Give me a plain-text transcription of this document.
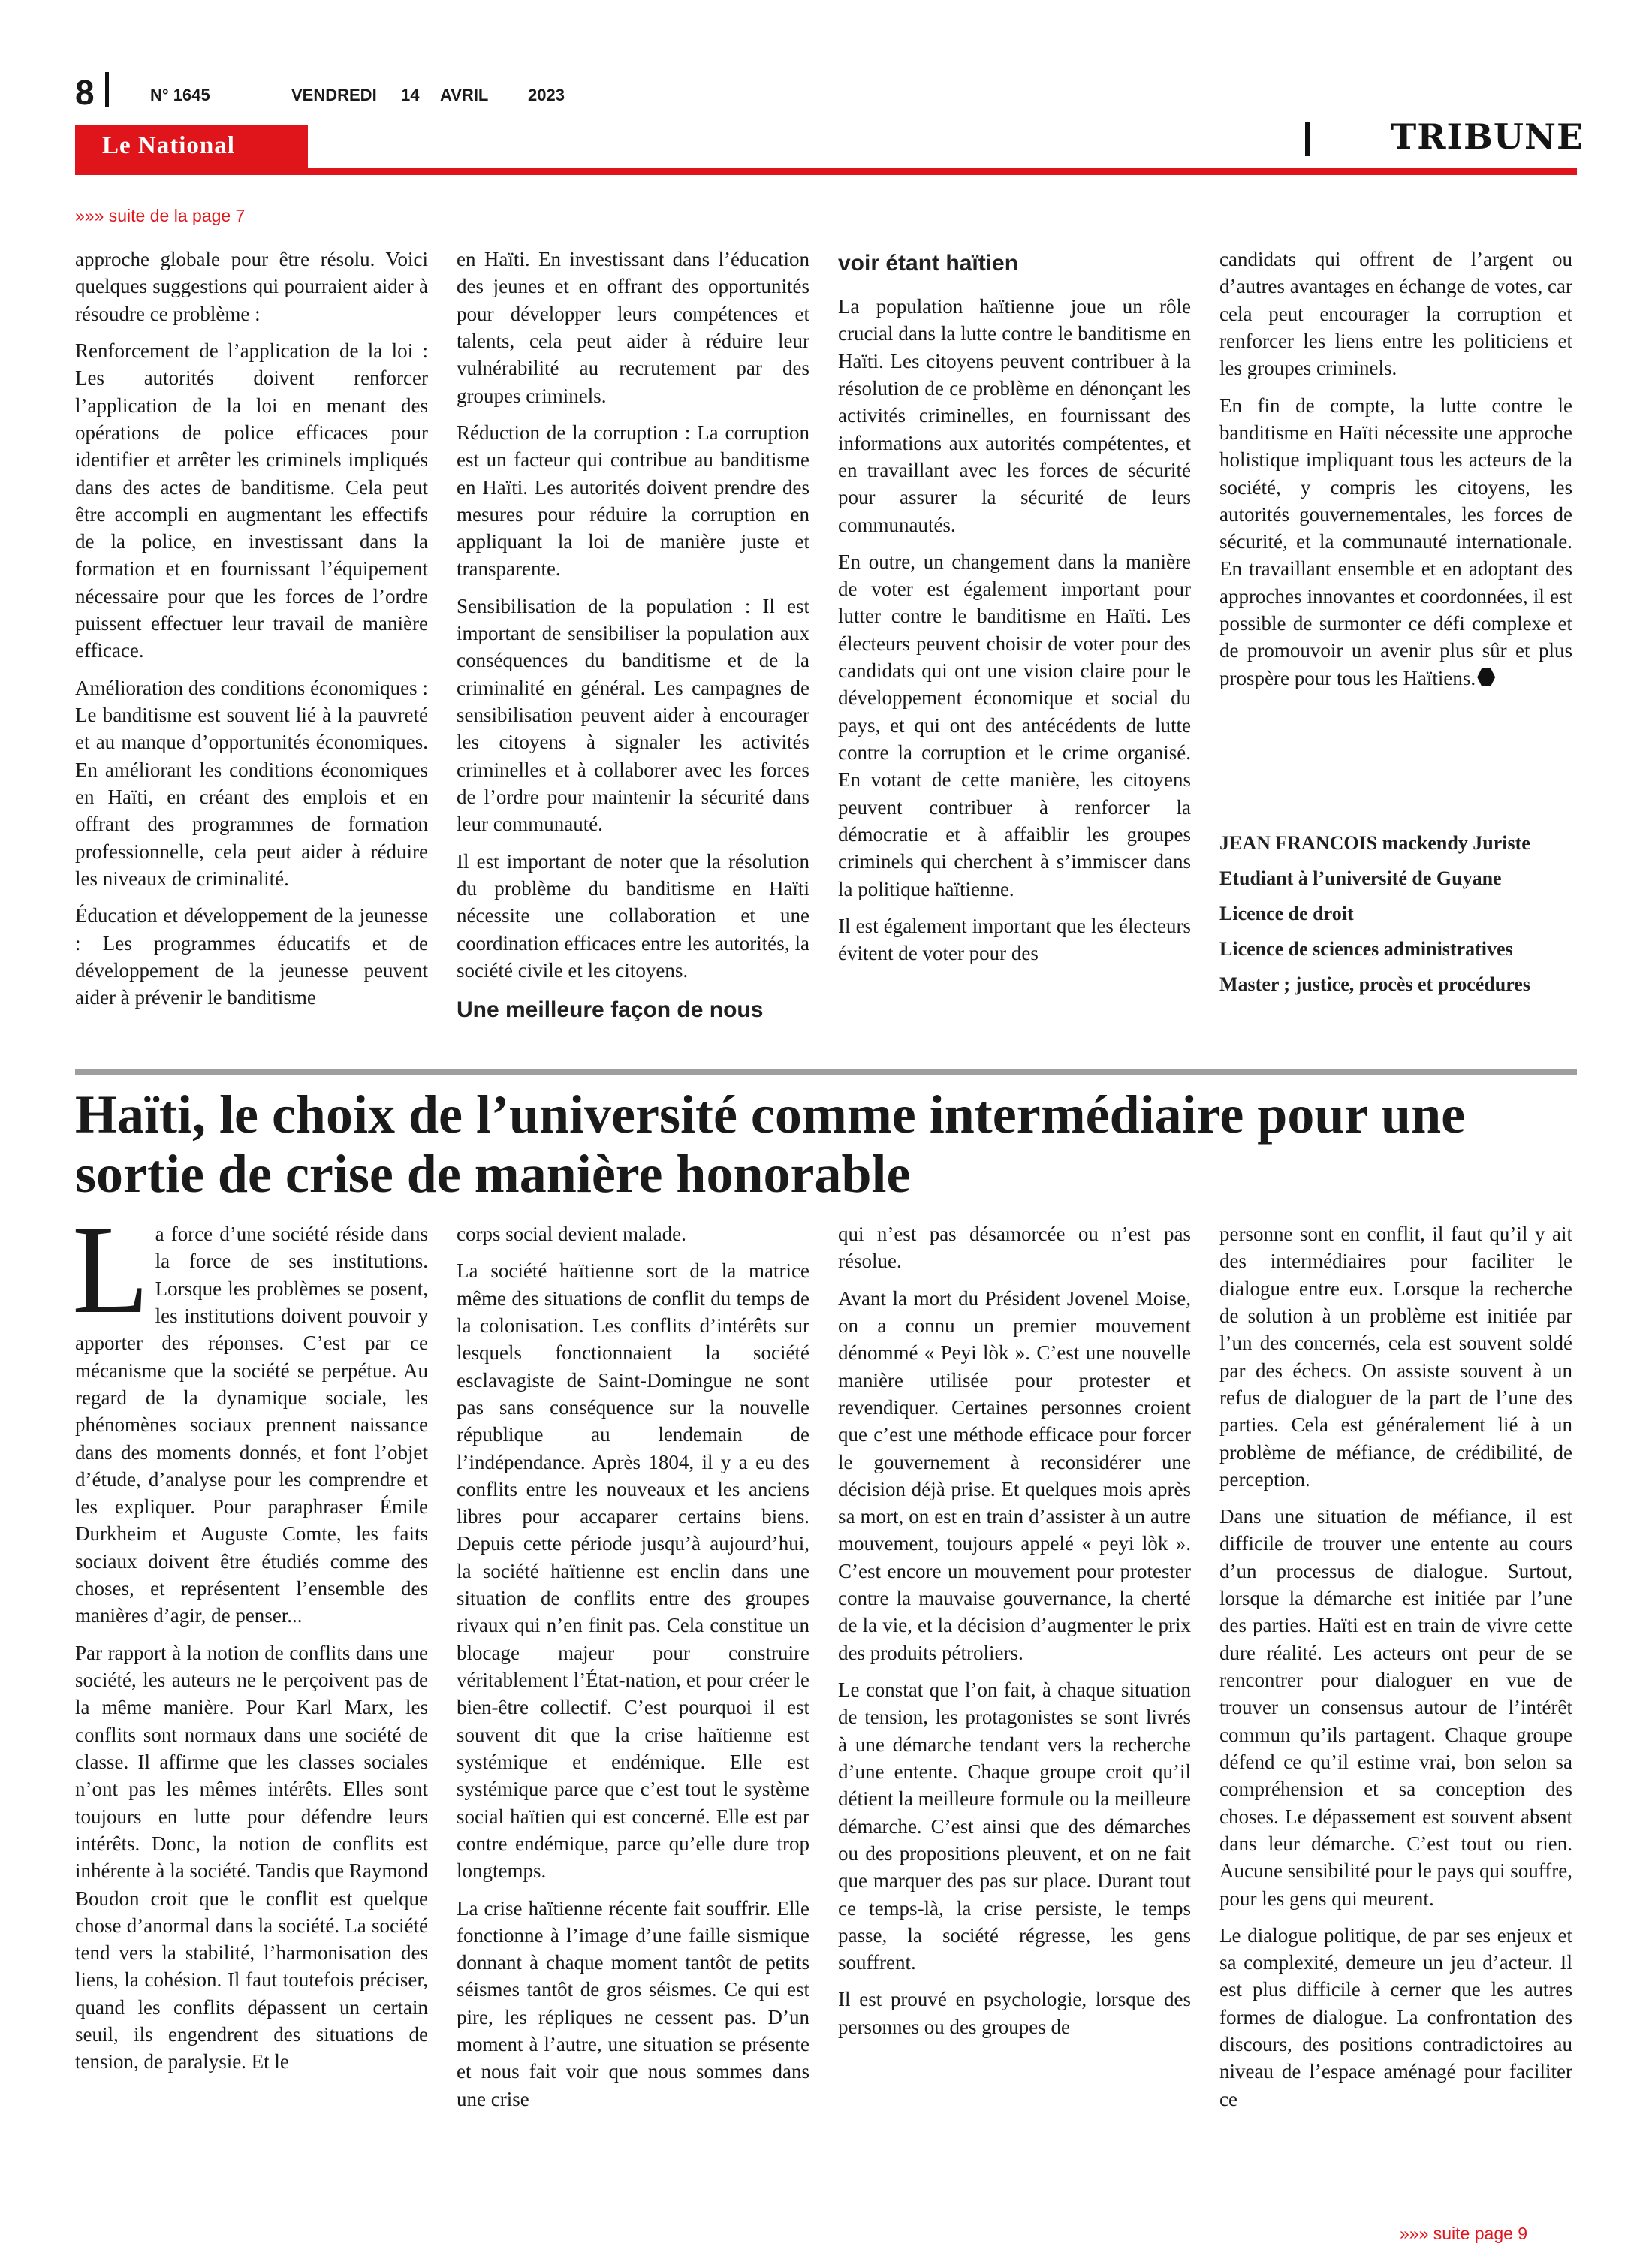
8	N° 1645	VENDREDI 14 AVRIL 2023
Le National	TRIBUNE
»»» suite de la page 7

approche globale pour être résolu. Voici quelques suggestions qui pourraient aider à résoudre ce problème :

Renforcement de l’application de la loi : Les autorités doivent renforcer l’application de la loi en menant des opérations de police efficaces pour identifier et arrêter les criminels impliqués dans des actes de banditisme. Cela peut être accompli en augmentant les effectifs de la police, en investissant dans la formation et en fournissant l’équipement nécessaire pour que les forces de l’ordre puissent effectuer leur travail de manière efficace.

Amélioration des conditions économiques : Le banditisme est souvent lié à la pauvreté et au manque d’opportunités économiques. En améliorant les conditions économiques en Haïti, en créant des emplois et en offrant des programmes de formation professionnelle, cela peut aider à réduire les niveaux de criminalité.

Éducation et développement de la jeunesse : Les programmes éducatifs et de développement de la jeunesse peuvent aider à prévenir le banditisme

en Haïti. En investissant dans l’éducation des jeunes et en offrant des opportunités pour développer leurs compétences et talents, cela peut aider à réduire leur vulnérabilité au recrutement par des groupes criminels.

Réduction de la corruption : La corruption est un facteur qui contribue au banditisme en Haïti. Les autorités doivent prendre des mesures pour réduire la corruption en appliquant la loi de manière juste et transparente.

Sensibilisation de la population : Il est important de sensibiliser la population aux conséquences du banditisme et de la criminalité en général. Les campagnes de sensibilisation peuvent aider à encourager les citoyens à signaler les activités criminelles et à collaborer avec les forces de l’ordre pour maintenir la sécurité dans leur communauté.

Il est important de noter que la résolution du problème du banditisme en Haïti nécessite une collaboration et une coordination efficaces entre les autorités, la société civile et les citoyens.

Une meilleure façon de nous
voir étant haïtien

La population haïtienne joue un rôle crucial dans la lutte contre le banditisme en Haïti. Les citoyens peuvent contribuer à la résolution de ce problème en dénonçant les activités criminelles, en fournissant des informations aux autorités compétentes, et en travaillant avec les forces de sécurité pour assurer la sécurité de leurs communautés.

En outre, un changement dans la manière de voter est également important pour lutter contre le banditisme en Haïti. Les électeurs peuvent choisir de voter pour des candidats qui ont une vision claire pour le développement économique et social du pays, et qui ont des antécédents de lutte contre la corruption et le crime organisé. En votant de cette manière, les citoyens peuvent contribuer à renforcer la démocratie et à affaiblir les groupes criminels qui cherchent à s’immiscer dans la politique haïtienne.

Il est également important que les électeurs évitent de voter pour des

candidats qui offrent de l’argent ou d’autres avantages en échange de votes, car cela peut encourager la corruption et renforcer les liens entre les politiciens et les groupes criminels.

En fin de compte, la lutte contre le banditisme en Haïti nécessite une approche holistique impliquant tous les acteurs de la société, y compris les citoyens, les autorités gouvernementales, les forces de sécurité, et la communauté internationale. En travaillant ensemble et en adoptant des approches innovantes et coordonnées, il est possible de surmonter ce défi complexe et de promouvoir un avenir plus sûr et plus prospère pour tous les Haïtiens.

JEAN FRANCOIS mackendy Juriste
Etudiant à l’université de Guyane
Licence de droit
Licence de sciences administratives
Master ; justice, procès et procédures
Haïti, le choix de l’université comme intermédiaire pour une sortie de crise de manière honorable

La force d’une société réside dans la force de ses institutions. Lorsque les problèmes se posent, les institutions doivent pouvoir y apporter des réponses. C’est par ce mécanisme que la société se perpétue. Au regard de la dynamique sociale, les phénomènes sociaux prennent naissance dans des moments donnés, et font l’objet d’étude, d’analyse pour les comprendre et les expliquer. Pour paraphraser Émile Durkheim et Auguste Comte, les faits sociaux doivent être étudiés comme des choses, et représentent l’ensemble des manières d’agir, de penser...

Par rapport à la notion de conflits dans une société, les auteurs ne le perçoivent pas de la même manière. Pour Karl Marx, les conflits sont normaux dans une société de classe. Il affirme que les classes sociales n’ont pas les mêmes intérêts. Elles sont toujours en lutte pour défendre leurs intérêts. Donc, la notion de conflits est inhérente à la société. Tandis que Raymond Boudon croit que le conflit est quelque chose d’anormal dans la société. La société tend vers la stabilité, l’harmonisation des liens, la cohésion. Il faut toutefois préciser, quand les conflits dépassent un certain seuil, ils engendrent des situations de tension, de paralysie. Et le

corps social devient malade.

La société haïtienne sort de la matrice même des situations de conflit du temps de la colonisation. Les conflits d’intérêts sur lesquels fonctionnaient la société esclavagiste de Saint-Domingue ne sont pas sans conséquence sur la nouvelle république au lendemain de l’indépendance. Après 1804, il y a eu des conflits entre les nouveaux et les anciens libres pour accaparer certains biens. Depuis cette période jusqu’à aujourd’hui, la société haïtienne est enclin dans une situation de conflits entre des groupes rivaux qui n’en finit pas. Cela constitue un blocage majeur pour construire véritablement l’État-nation, et pour créer le bien-être collectif. C’est pourquoi il est souvent dit que la crise haïtienne est systémique et endémique. Elle est systémique parce que c’est tout le système social haïtien qui est concerné. Elle est par contre endémique, parce qu’elle dure trop longtemps.

La crise haïtienne récente fait souffrir. Elle fonctionne à l’image d’une faille sismique donnant à chaque moment tantôt de petits séismes tantôt de gros séismes. Ce qui est pire, les répliques ne cessent pas. D’un moment à l’autre, une situation se présente et nous fait voir que nous sommes dans une crise

qui n’est pas désamorcée ou n’est pas résolue.

Avant la mort du Président Jovenel Moise, on a connu un premier mouvement dénommé « Peyi lòk ». C’est une nouvelle manière utilisée pour protester et revendiquer. Certaines personnes croient que c’est une méthode efficace pour forcer le gouvernement à reconsidérer une décision déjà prise. Et quelques mois après sa mort, on est en train d’assister à un autre mouvement, toujours appelé « peyi lòk ». C’est encore un mouvement pour protester contre la mauvaise gouvernance, la cherté de la vie, et la décision d’augmenter le prix des produits pétroliers.

Le constat que l’on fait, à chaque situation de tension, les protagonistes se sont livrés à une démarche tendant vers la recherche d’une entente. Chaque groupe croit qu’il détient la meilleure formule ou la meilleure démarche. C’est ainsi que des démarches ou des propositions pleuvent, et on ne fait que marquer des pas sur place. Durant tout ce temps-là, la crise persiste, le temps passe, la société régresse, les gens souffrent.

Il est prouvé en psychologie, lorsque des personnes ou des groupes de

personne sont en conflit, il faut qu’il y ait des intermédiaires pour faciliter le dialogue entre eux. Lorsque la recherche de solution à un problème est initiée par l’un des concernés, cela est souvent soldé par des échecs. On assiste souvent à un refus de dialoguer de la part de l’une des parties. Cela est généralement lié à un problème de méfiance, de crédibilité, de perception.

Dans une situation de méfiance, il est difficile de trouver une entente au cours d’un processus de dialogue. Surtout, lorsque la démarche est initiée par l’une des parties. Haïti est en train de vivre cette dure réalité. Les acteurs ont peur de se rencontrer pour dialoguer en vue de trouver un consensus autour de l’intérêt commun qu’ils partagent. Chaque groupe défend ce qu’il estime vrai, bon selon sa compréhension et sa conception des choses. Le dépassement est souvent absent dans leur démarche. C’est tout ou rien. Aucune sensibilité pour le pays qui souffre, pour les gens qui meurent.

Le dialogue politique, de par ses enjeux et sa complexité, demeure un jeu d’acteur. Il est plus difficile à cerner que les autres formes de dialogue. La confrontation des discours, des positions contradictoires au niveau de l’espace aménagé pour faciliter ce

»»» suite page 9
